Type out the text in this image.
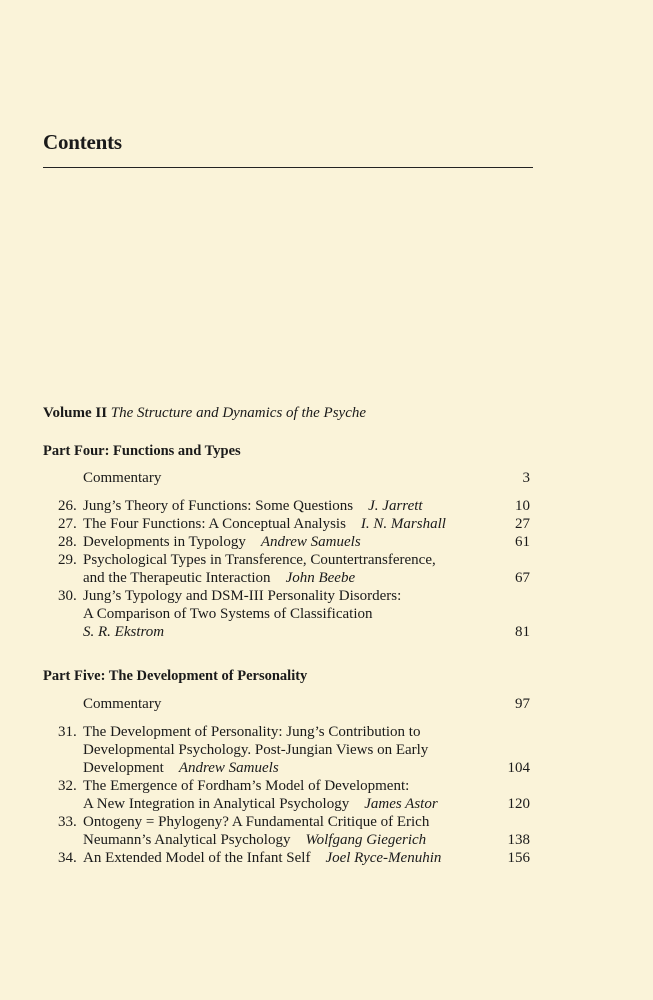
Contents
Volume II The Structure and Dynamics of the Psyche
Part Four: Functions and Types
Commentary	3
26. Jung’s Theory of Functions: Some Questions  J. Jarrett	10
27. The Four Functions: A Conceptual Analysis  I. N. Marshall	27
28. Developments in Typology  Andrew Samuels	61
29. Psychological Types in Transference, Countertransference,
and the Therapeutic Interaction  John Beebe	67
30. Jung’s Typology and DSM-III Personality Disorders:
A Comparison of Two Systems of Classification
S. R. Ekstrom	81
Part Five: The Development of Personality
Commentary	97
31. The Development of Personality: Jung’s Contribution to
Developmental Psychology. Post-Jungian Views on Early
Development  Andrew Samuels	104
32. The Emergence of Fordham’s Model of Development:
A New Integration in Analytical Psychology  James Astor	120
33. Ontogeny = Phylogeny? A Fundamental Critique of Erich
Neumann’s Analytical Psychology  Wolfgang Giegerich	138
34. An Extended Model of the Infant Self  Joel Ryce-Menuhin	156
